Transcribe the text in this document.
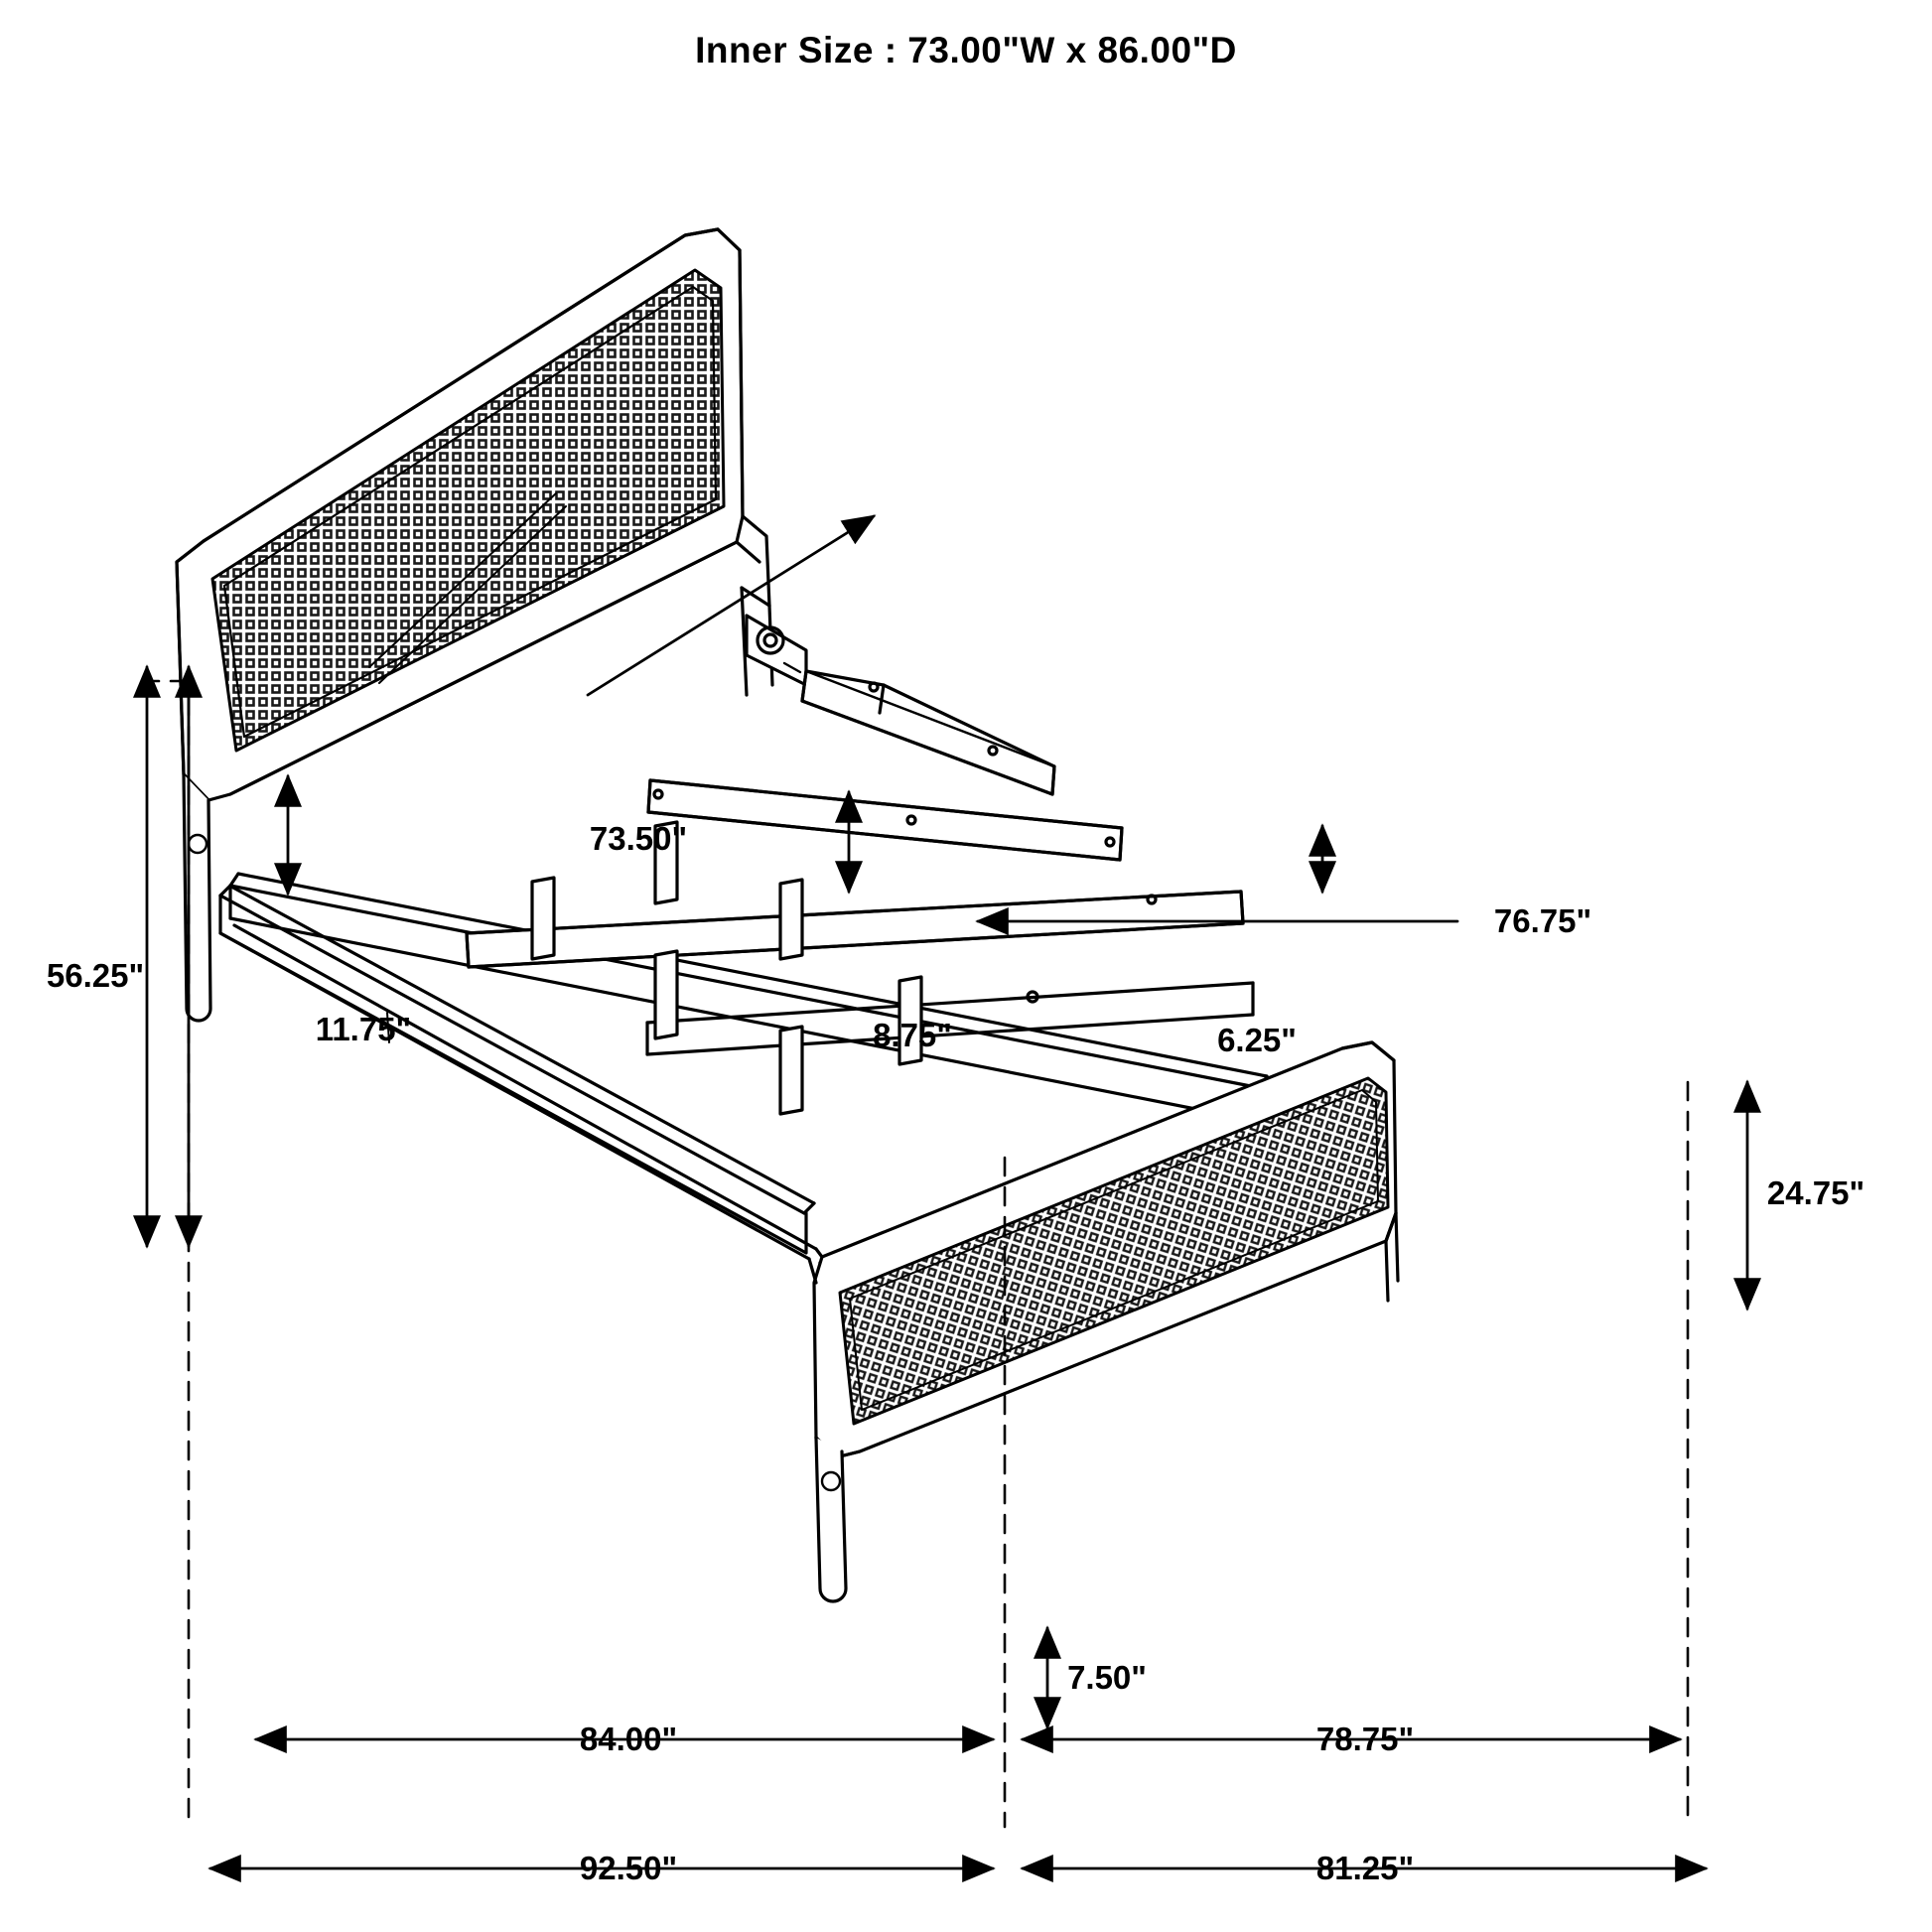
Inner Size : 73.00"W x 86.00"D
56.25"
73.50"
11.75"	8.75"	6.25"
76.75"
24.75"
7.50"
84.00"	78.75"
92.50"	81.25"
